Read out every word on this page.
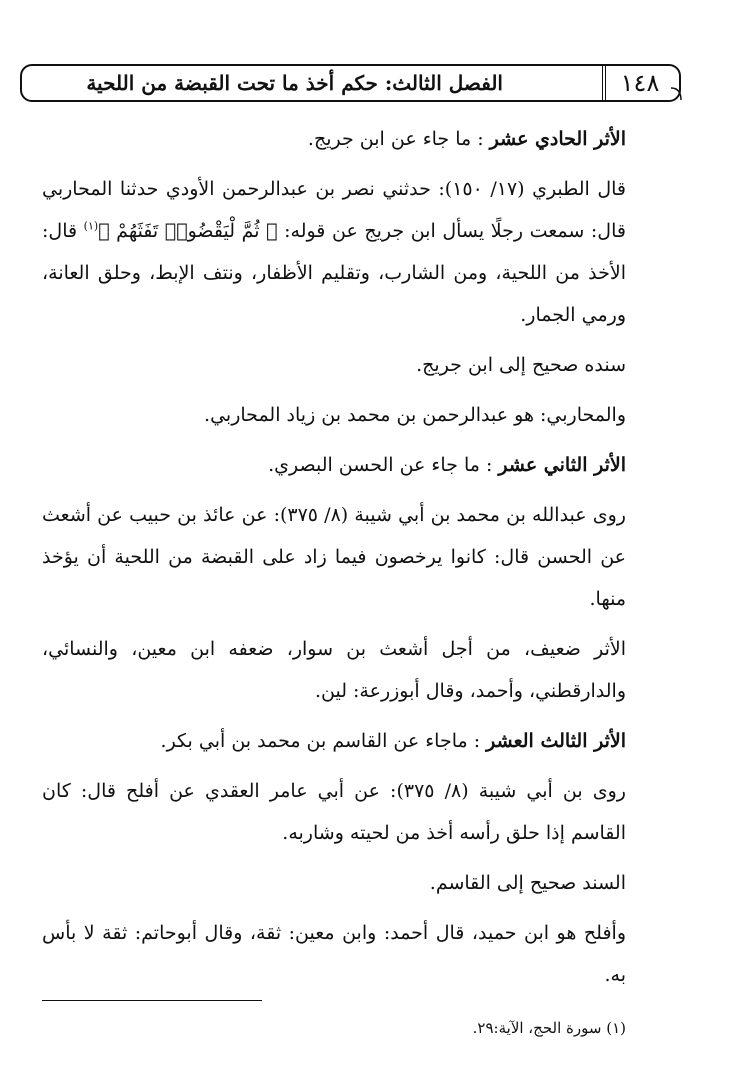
١٤٨
الفصل الثالث: حكم أخذ ما تحت القبضة من اللحية

الأثر الحادي عشر : ما جاء عن ابن جريج.

قال الطبري (١٧/ ١٥٠): حدثني نصر بن عبدالرحمن الأودي حدثنا المحاربي قال: سمعت رجلًا يسأل ابن جريج عن قوله: ﴿ ثُمَّ لْيَقْضُوا۟ تَفَثَهُمْ ﴾$^{(١)}$ قال: الأخذ من اللحية، ومن الشارب، وتقليم الأظفار، ونتف الإبط، وحلق العانة، ورمي الجمار.

سنده صحيح إلى ابن جريج.

والمحاربي: هو عبدالرحمن بن محمد بن زياد المحاربي.

الأثر الثاني عشر : ما جاء عن الحسن البصري.

روى عبدالله بن محمد بن أبي شيبة (٨/ ٣٧٥): عن عائذ بن حبيب عن أشعث عن الحسن قال: كانوا يرخصون فيما زاد على القبضة من اللحية أن يؤخذ منها.

الأثر ضعيف، من أجل أشعث بن سوار، ضعفه ابن معين، والنسائي، والدارقطني، وأحمد، وقال أبوزرعة: لين.

الأثر الثالث العشر : ماجاء عن القاسم بن محمد بن أبي بكر.

روى بن أبي شيبة (٨/ ٣٧٥): عن أبي عامر العقدي عن أفلح قال: كان القاسم إذا حلق رأسه أخذ من لحيته وشاربه.

السند صحيح إلى القاسم.

وأفلح هو ابن حميد، قال أحمد: وابن معين: ثقة، وقال أبوحاتم: ثقة لا بأس به.

(١) سورة الحج، الآية:٢٩.
